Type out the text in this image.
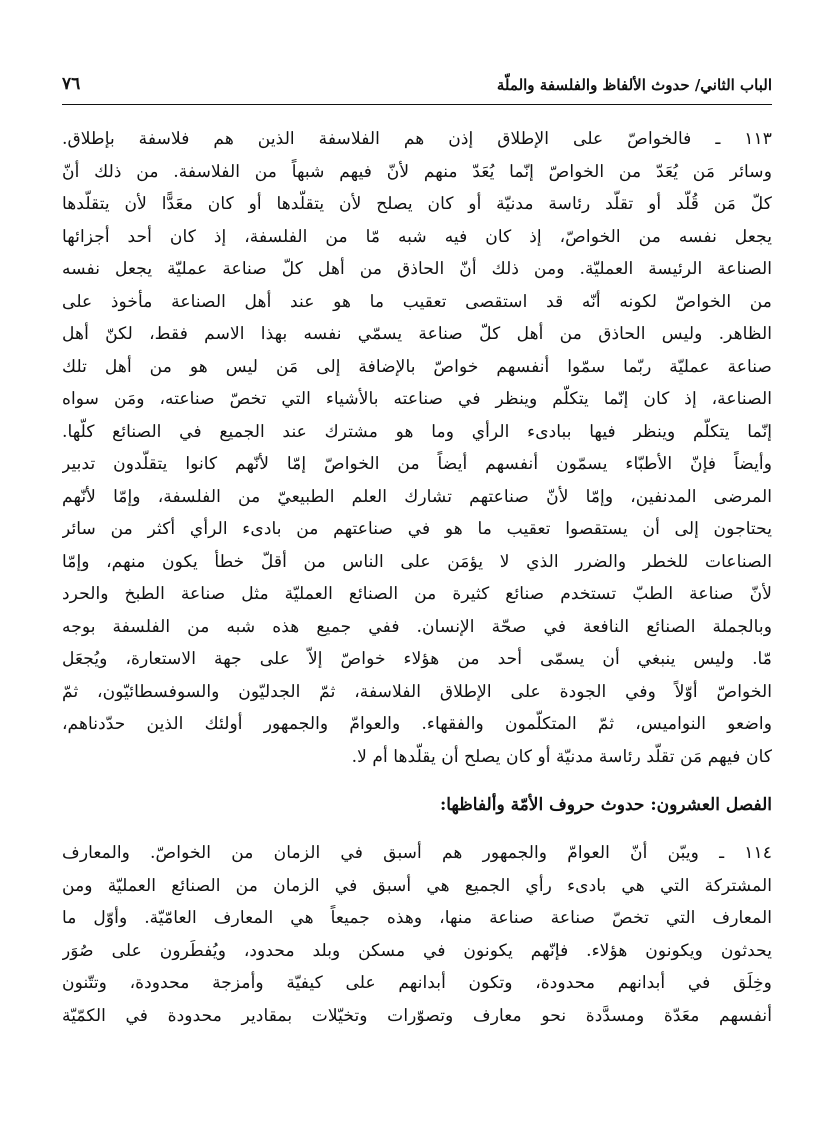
الباب الثاني/ حدوث الألفاظ والفلسفة والملّة
٧٦
١١٣ ـ فالخواصّ على الإطلاق إذن هم الفلاسفة الذين هم فلاسفة بإطلاق.
وسائر مَن يُعَدّ من الخواصّ إنّما يُعَدّ منهم لأنّ فيهم شبهاً من الفلاسفة. من ذلك أنّ
كلّ مَن قُلّد أو تقلّد رئاسة مدنيّة أو كان يصلح لأن يتقلّدها أو كان معَدًّا لأن يتقلّدها
يجعل نفسه من الخواصّ، إذ كان فيه شبه مّا من الفلسفة، إذ كان أحد أجزائها
الصناعة الرئيسة العمليّة. ومن ذلك أنّ الحاذق من أهل كلّ صناعة عمليّة يجعل نفسه
من الخواصّ لكونه أنّه قد استقصى تعقيب ما هو عند أهل الصناعة مأخوذ على
الظاهر. وليس الحاذق من أهل كلّ صناعة يسمّي نفسه بهذا الاسم فقط، لكنّ أهل
صناعة عمليّة ربّما سمّوا أنفسهم خواصّ بالإضافة إلى مَن ليس هو من أهل تلك
الصناعة، إذ كان إنّما يتكلّم وينظر في صناعته بالأشياء التي تخصّ صناعته، ومَن سواه
إنّما يتكلّم وينظر فيها ببادىء الرأي وما هو مشترك عند الجميع في الصنائع كلّها.
وأيضاً فإنّ الأطبّاء يسمّون أنفسهم أيضاً من الخواصّ إمّا لأنّهم كانوا يتقلّدون تدبير
المرضى المدنفين، وإمّا لأنّ صناعتهم تشارك العلم الطبيعيّ من الفلسفة، وإمّا لأنّهم
يحتاجون إلى أن يستقصوا تعقيب ما هو في صناعتهم من بادىء الرأي أكثر من سائر
الصناعات للخطر والضرر الذي لا يؤمَن على الناس من أقلّ خطأ يكون منهم، وإمّا
لأنّ صناعة الطبّ تستخدم صنائع كثيرة من الصنائع العمليّة مثل صناعة الطبخ والحرد
وبالجملة الصنائع النافعة في صحّة الإنسان. ففي جميع هذه شبه من الفلسفة بوجه
مّا. وليس ينبغي أن يسمّى أحد من هؤلاء خواصّ إلاّ على جهة الاستعارة، ويُجعَل
الخواصّ أوّلاً وفي الجودة على الإطلاق الفلاسفة، ثمّ الجدليّون والسوفسطائيّون، ثمّ
واضعو النواميس، ثمّ المتكلّمون والفقهاء. والعوامّ والجمهور أولئك الذين حدّدناهم،
كان فيهم مَن تقلّد رئاسة مدنيّة أو كان يصلح أن يقلّدها أم لا.
الفصل العشرون: حدوث حروف الأمّة وألفاظها:
١١٤ ـ ويبّن أنّ العوامّ والجمهور هم أسبق في الزمان من الخواصّ. والمعارف
المشتركة التي هي بادىء رأي الجميع هي أسبق في الزمان من الصنائع العمليّة ومن
المعارف التي تخصّ صناعة صناعة منها، وهذه جميعاً هي المعارف العامّيّة. وأوّل ما
يحدثون ويكونون هؤلاء. فإنّهم يكونون في مسكن وبلد محدود، ويُفطَرون على صُوَر
وخِلَق في أبدانهم محدودة، وتكون أبدانهم على كيفيّة وأمزجة محدودة، وتتّنون
أنفسهم معَدّة ومسدَّدة نحو معارف وتصوّرات وتخيّلات بمقادير محدودة في الكمّيّة
